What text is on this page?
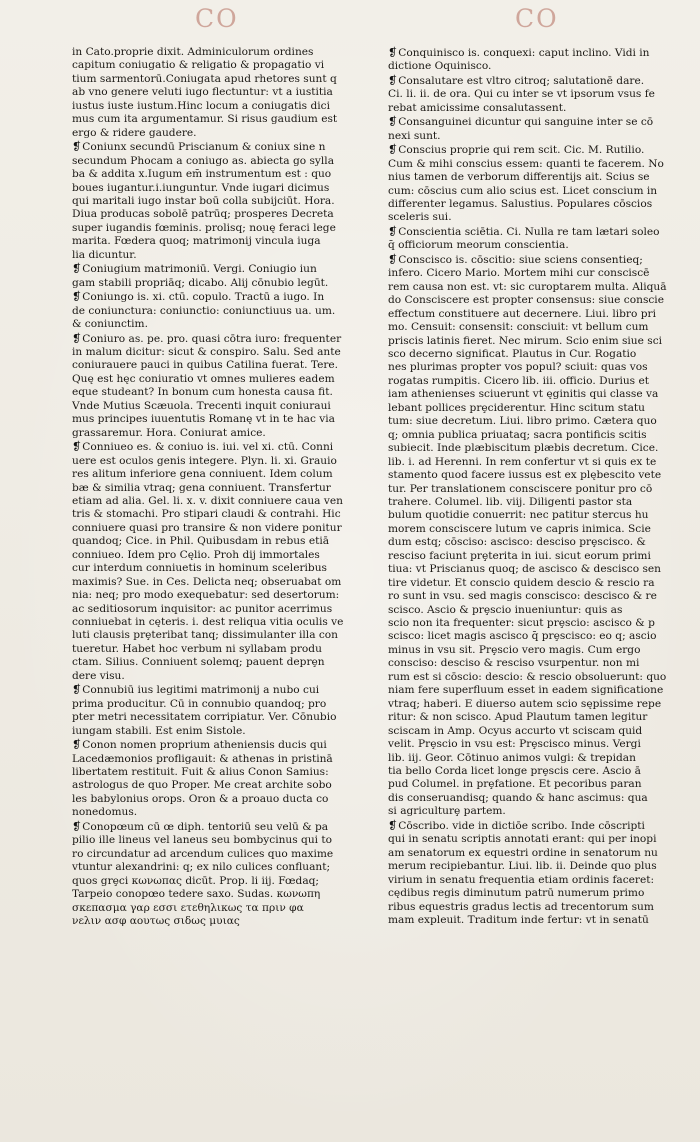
CO	CO
in Cato.proprie dixit. Adminiculorum ordines
capitum coniugatio & religatio & propagatio vi
tium sarmentorū.Coniugata apud rhetores sunt q
ab vno genere veluti iugo flectuntur: vt a iustitia
iustus iuste iustum.Hinc locum a coniugatis dici
mus cum ita argumentamur. Si risus gaudium est
ergo & ridere gaudere.
❡ Coniunx secundū Priscianum & coniux sine n
secundum Phocam a coniugo as. abiecta go sylla
ba & addita x.Iugum em̄ instrumentum est : quo
boues iugantur.i.iunguntur. Vnde iugari dicimus
qui maritali iugo instar boū colla subijciūt. Hora.
Diua producas sobolē patrūq; prosperes Decreta
super iugandis fœminis. prolisq; nouę feraci lege
marita. Fœdera quoq; matrimonij vincula iuga
lia dicuntur.
❡ Coniugium matrimoniū. Vergi. Coniugio iun
gam stabili propriāq; dicabo. Alij cōnubio legūt.
❡ Coniungo is. xi. ctū. copulo. Tractū a iugo. In
de coniunctura: coniunctio: coniunctiuus ua. um.
& coniunctim.
❡ Coniuro as. pe. pro. quasi cōtra iuro: frequenter
in malum dicitur: sicut & conspiro. Salu. Sed ante
coniurauere pauci in quibus Catilina fuerat. Tere.
Quę est hęc coniuratio vt omnes mulieres eadem
eque studeant? In bonum cum honesta causa fit.
Vnde Mutius Scæuola. Trecenti inquit coniuraui
mus principes iuuentutis Romanę vt in te hac via
grassaremur. Hora. Coniurat amice.
❡ Conniueo es. & coniuo is. iui. vel xi. ctū. Conni
uere est oculos genis integere. Plyn. li. xi. Grauio
res alitum inferiore gena conniuent. Idem colum
bæ & similia vtraq; gena conniuent. Transfertur
etiam ad alia. Gel. li. x. v. dixit conniuere caua ven
tris & stomachi. Pro stipari claudi & contrahi. Hic
conniuere quasi pro transire & non videre ponitur
quandoq; Cice. in Phil. Quibusdam in rebus etiā
conniueo. Idem pro Cęlio. Proh dij immortales
cur interdum conniuetis in hominum sceleribus
maximis? Sue. in Ces. Delicta neq; obseruabat om
nia: neq; pro modo exequebatur: sed desertorum:
ac seditiosorum inquisitor: ac punitor acerrimus
conniuebat in cęteris. i. dest reliqua vitia oculis ve
luti clausis prȩteribat tanq; dissimulanter illa con
tueretur. Habet hoc verbum ni syllabam produ
ctam. Silius. Conniuent solemq; pauent deprȩn
dere visu.
❡ Connubiū ius legitimi matrimonij a nubo cui
prima producitur. Cū in connubio quandoq; pro
pter metri necessitatem corripiatur. Ver. Cōnubio
iungam stabili. Est enim Sistole.
❡ Conon nomen proprium atheniensis ducis qui
Lacedæmonios profligauit: & athenas in pristinā
libertatem restituit. Fuit & alius Conon Samius:
astrologus de quo Proper. Me creat archite sobo
les babylonius orops. Oron & a proauo ducta co
nonedomus.
❡ Conopœum cū œ diph. tentoriū seu velū & pa
pilio ille lineus vel laneus seu bombycinus qui to
ro circundatur ad arcendum culices quo maxime
vtuntur alexandrini: q; ex nilo culices confluant;
quos grȩci κωνωπας dicūt. Prop. li iij. Fœdaq;
Tarpeio conopœo tedere saxo. Sudas. κωνωπη
σκεπασμα γαρ εσσι ετεθηλικως τα πριν φα
νελιν ασφ αουτως σιδως μυιας
❡ Conquinisco is. conquexi: caput inclino. Vidi in
dictione Oquinisco.
❡ Consalutare est vltro citroq; salutationē dare.
Ci. li. ii. de ora. Qui cu inter se vt ipsorum vsus fe
rebat amicissime consalutassent.
❡ Consanguinei dicuntur qui sanguine inter se cō
nexi sunt.
❡ Conscius proprie qui rem scit. Cic. M. Rutilio.
Cum & mihi conscius essem: quanti te facerem. No
nius tamen de verborum differentijs ait. Scius se
cum: cōscius cum alio scius est. Licet conscium in
differenter legamus. Salustius. Populares cōscios
sceleris sui.
❡ Conscientia sciētia. Ci. Nulla re tam lætari soleo
q̄ officiorum meorum conscientia.
❡ Conscisco is. cōscitio: siue sciens consentieq;
infero. Cicero Mario. Mortem mihi cur consciscē
rem causa non est. vt: sic curoptarem multa. Aliquā
do Consciscere est propter consensus: siue conscie
effectum constituere aut decernere. Liui. libro pri
mo. Censuit: consensit: consciuit: vt bellum cum
priscis latinis fieret. Nec mirum. Scio enim siue sci
sco decerno significat. Plautus in Cur. Rogatio
nes plurimas propter vos popul? sciuit: quas vos
rogatas rumpitis. Cicero lib. iii. officio. Durius et
iam athenienses sciuerunt vt ęginitis qui classe va
lebant pollices prȩciderentur. Hinc scitum statu
tum: siue decretum. Liui. libro primo. Cætera quo
q; omnia publica priuataq; sacra pontificis scitis
subiecit. Inde plæbiscitum plæbis decretum. Cice.
lib. i. ad Herenni. In rem confertur vt si quis ex te
stamento quod facere iussus est ex plębescito vete
tur. Per translationem consciscere ponitur pro cō
trahere. Columel. lib. viij. Diligenti pastor sta
bulum quotidie conuerrit: nec patitur stercus hu
morem consciscere lutum ve capris inimica. Scie
dum estq; cōsciso: ascisco: desciso prȩscisco. &
resciso faciunt prȩterita in iui. sicut eorum primi
tiua: vt Priscianus quoq; de ascisco & descisco sen
tire videtur. Et conscio quidem descio & rescio ra
ro sunt in vsu. sed magis conscisco: descisco & re
scisco. Ascio & prȩscio inueniuntur: quis as
scio non ita frequenter: sicut prȩscio: ascisco & p
scisco: licet magis ascisco q̄ prȩscisco: eo q; ascio
minus in vsu sit. Prȩscio vero magis. Cum ergo
consciso: desciso & resciso vsurpentur. non mi
rum est si cōscio: descio: & rescio obsoluerunt: quo
niam fere superfluum esset in eadem significatione
vtraq; haberi. E diuerso autem scio sępissime repe
ritur: & non scisco. Apud Plautum tamen legitur
sciscam in Amp. Ocyus accurto vt sciscam quid
velit. Prȩscio in vsu est: Prȩscisco minus. Vergi
lib. iij. Geor. Cōtinuo animos vulgi: & trepidan
tia bello Corda licet longe prȩscis cere. Ascio ā
pud Columel. in prȩfatione. Et pecoribus paran
dis conseruandisq; quando & hanc ascimus: qua
si agriculturȩ partem.
❡ Cōscribo. vide in dictiōe scribo. Inde cōscripti
qui in senatu scriptis annotati erant: qui per inopi
am senatorum ex equestri ordine in senatorum nu
merum recipiebantur. Liui. lib. ii. Deinde quo plus
virium in senatu frequentia etiam ordinis faceret:
cędibus regis diminutum patrū numerum primo
ribus equestris gradus lectis ad trecentorum sum
mam expleuit. Traditum inde fertur: vt in senatū
